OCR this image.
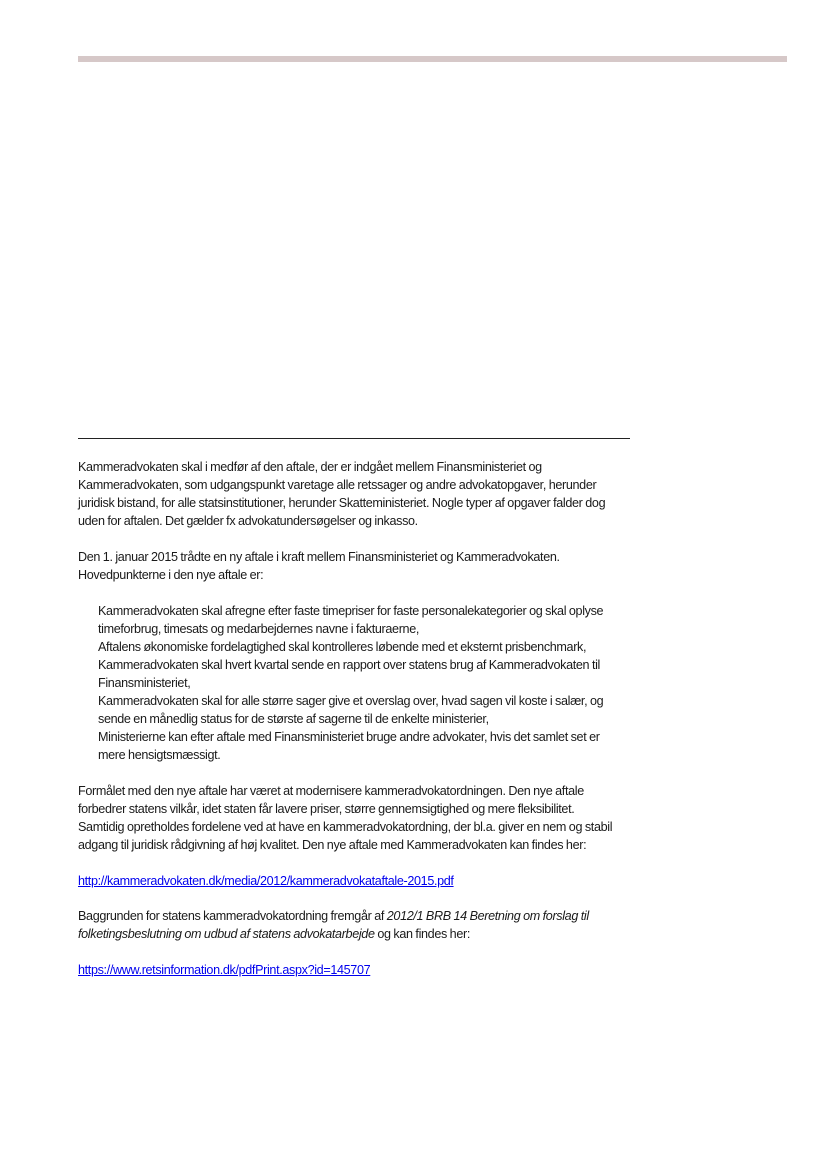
Kammeradvokaten skal i medfør af den aftale, der er indgået mellem Finansministeriet og Kammeradvokaten, som udgangspunkt varetage alle retssager og andre advokatopgaver, herunder juridisk bistand, for alle statsinstitutioner, herunder Skatteministeriet. Nogle typer af opgaver falder dog uden for aftalen. Det gælder fx advokatundersøgelser og inkasso.

Den 1. januar 2015 trådte en ny aftale i kraft mellem Finansministeriet og Kammeradvokaten. Hovedpunkterne i den nye aftale er:

Kammeradvokaten skal afregne efter faste timepriser for faste personalekategorier og skal oplyse timeforbrug, timesats og medarbejdernes navne i fakturaerne,
Aftalens økonomiske fordelagtighed skal kontrolleres løbende med et eksternt prisbenchmark,
Kammeradvokaten skal hvert kvartal sende en rapport over statens brug af Kammeradvokaten til Finansministeriet,
Kammeradvokaten skal for alle større sager give et overslag over, hvad sagen vil koste i salær, og sende en månedlig status for de største af sagerne til de enkelte ministerier,
Ministerierne kan efter aftale med Finansministeriet bruge andre advokater, hvis det samlet set er mere hensigtsmæssigt.

Formålet med den nye aftale har været at modernisere kammeradvokatordningen. Den nye aftale forbedrer statens vilkår, idet staten får lavere priser, større gennemsigtighed og mere fleksibilitet. Samtidig opretholdes fordelene ved at have en kammeradvokatordning, der bl.a. giver en nem og stabil adgang til juridisk rådgivning af høj kvalitet. Den nye aftale med Kammeradvokaten kan findes her:

http://kammeradvokaten.dk/media/2012/kammeradvokataftale-2015.pdf

Baggrunden for statens kammeradvokatordning fremgår af 2012/1 BRB 14 Beretning om forslag til folketingsbeslutning om udbud af statens advokatarbejde og kan findes her:

https://www.retsinformation.dk/pdfPrint.aspx?id=145707
